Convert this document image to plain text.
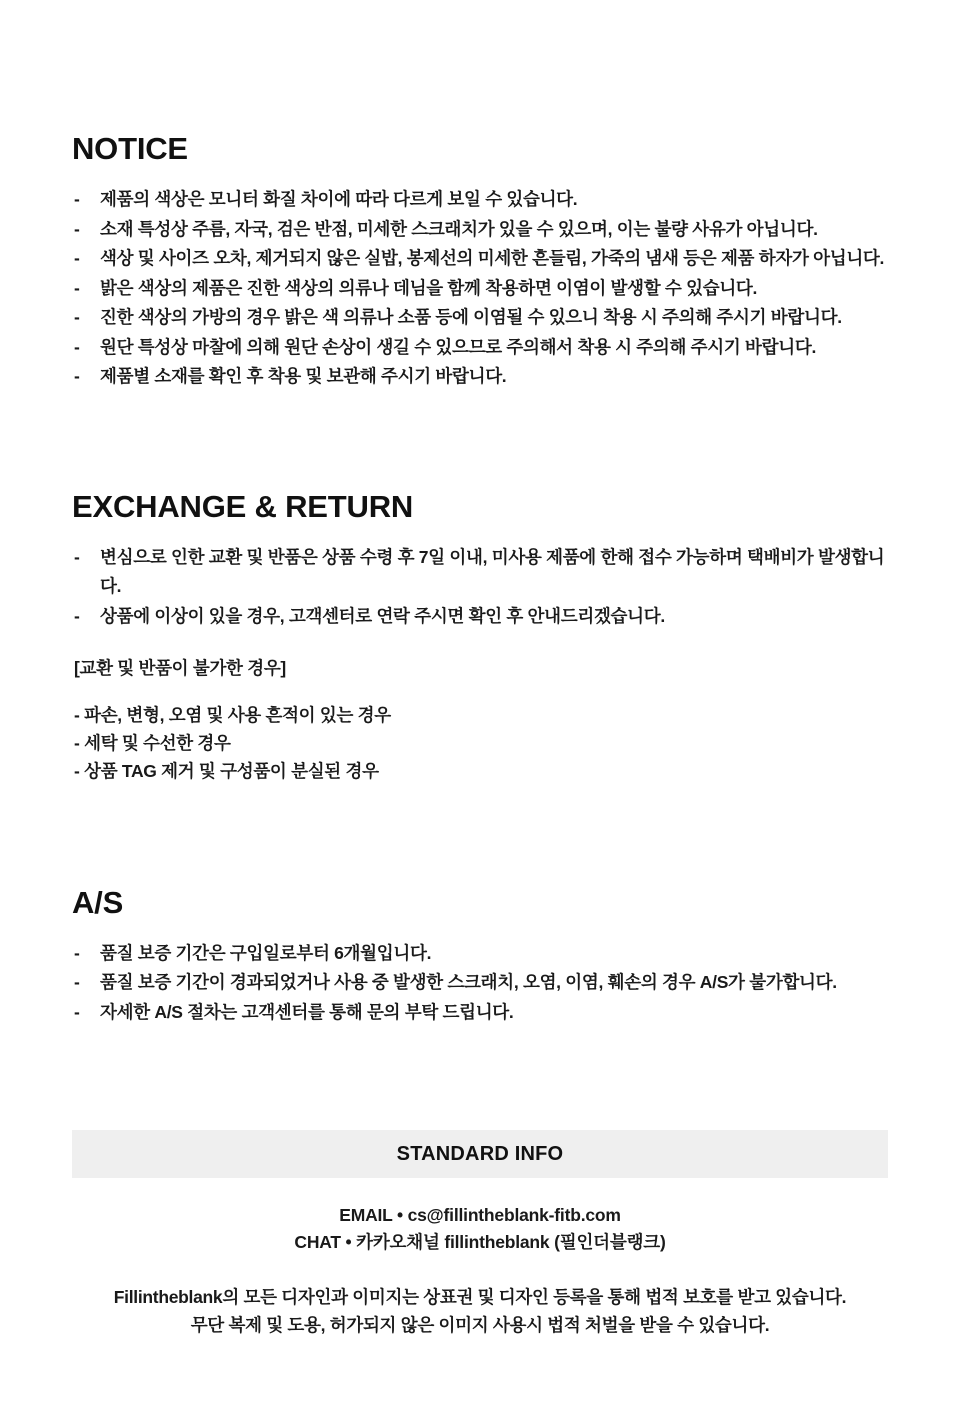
NOTICE
- 제품의 색상은 모니터 화질 차이에 따라 다르게 보일 수 있습니다.
- 소재 특성상 주름, 자국, 검은 반점, 미세한 스크래치가 있을 수 있으며, 이는 불량 사유가 아닙니다.
- 색상 및 사이즈 오차, 제거되지 않은 실밥, 봉제선의 미세한 흔들림, 가죽의 냄새 등은 제품 하자가 아닙니다.
- 밝은 색상의 제품은 진한 색상의 의류나 데님을 함께 착용하면 이염이 발생할 수 있습니다.
- 진한 색상의 가방의 경우 밝은 색 의류나 소품 등에 이염될 수 있으니 착용 시 주의해 주시기 바랍니다.
- 원단 특성상 마찰에 의해 원단 손상이 생길 수 있으므로 주의해서 착용 시 주의해 주시기 바랍니다.
- 제품별 소재를 확인 후 착용 및 보관해 주시기 바랍니다.
EXCHANGE & RETURN
- 변심으로 인한 교환 및 반품은 상품 수령 후 7일 이내, 미사용 제품에 한해 접수 가능하며 택배비가 발생합니다.
- 상품에 이상이 있을 경우, 고객센터로 연락 주시면 확인 후 안내드리겠습니다.
[교환 및 반품이 불가한 경우]
- 파손, 변형, 오염 및 사용 흔적이 있는 경우
- 세탁 및 수선한 경우
- 상품 TAG 제거 및 구성품이 분실된 경우
A/S
- 품질 보증 기간은 구입일로부터 6개월입니다.
- 품질 보증 기간이 경과되었거나 사용 중 발생한 스크래치, 오염, 이염, 훼손의 경우 A/S가 불가합니다.
- 자세한 A/S 절차는 고객센터를 통해 문의 부탁 드립니다.
STANDARD INFO
EMAIL • cs@fillintheblank-fitb.com
CHAT • 카카오채널 fillintheblank (필인더블랭크)
Fillintheblank의 모든 디자인과 이미지는 상표권 및 디자인 등록을 통해 법적 보호를 받고 있습니다.
무단 복제 및 도용, 허가되지 않은 이미지 사용시 법적 처벌을 받을 수 있습니다.
